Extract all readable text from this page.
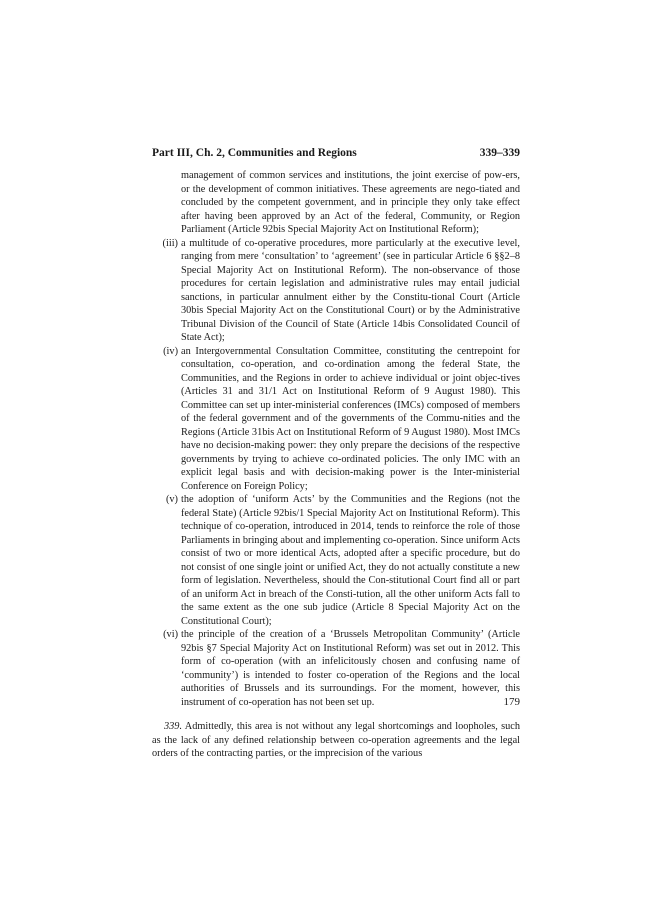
Part III, Ch. 2, Communities and Regions	339–339

management of common services and institutions, the joint exercise of pow-ers, or the development of common initiatives. These agreements are nego-tiated and concluded by the competent government, and in principle they only take effect after having been approved by an Act of the federal, Community, or Region Parliament (Article 92bis Special Majority Act on Institutional Reform);

(iii) a multitude of co-operative procedures, more particularly at the executive level, ranging from mere ‘consultation’ to ‘agreement’ (see in particular Article 6 §§2–8 Special Majority Act on Institutional Reform). The non-observance of those procedures for certain legislation and administrative rules may entail judicial sanctions, in particular annulment either by the Constitu-tional Court (Article 30bis Special Majority Act on the Constitutional Court) or by the Administrative Tribunal Division of the Council of State (Article 14bis Consolidated Council of State Act);

(iv) an Intergovernmental Consultation Committee, constituting the centrepoint for consultation, co-operation, and co-ordination among the federal State, the Communities, and the Regions in order to achieve individual or joint objec-tives (Articles 31 and 31/1 Act on Institutional Reform of 9 August 1980). This Committee can set up inter-ministerial conferences (IMCs) composed of members of the federal government and of the governments of the Commu-nities and the Regions (Article 31bis Act on Institutional Reform of 9 August 1980). Most IMCs have no decision-making power: they only prepare the decisions of the respective governments by trying to achieve co-ordinated policies. The only IMC with an explicit legal basis and with decision-making power is the Inter-ministerial Conference on Foreign Policy;

(v) the adoption of ‘uniform Acts’ by the Communities and the Regions (not the federal State) (Article 92bis/1 Special Majority Act on Institutional Reform). This technique of co-operation, introduced in 2014, tends to reinforce the role of those Parliaments in bringing about and implementing co-operation. Since uniform Acts consist of two or more identical Acts, adopted after a specific procedure, but do not consist of one single joint or unified Act, they do not actually constitute a new form of legislation. Nevertheless, should the Con-stitutional Court find all or part of an uniform Act in breach of the Consti-tution, all the other uniform Acts fall to the same extent as the one sub judice (Article 8 Special Majority Act on the Constitutional Court);

(vi) the principle of the creation of a ‘Brussels Metropolitan Community’ (Article 92bis §7 Special Majority Act on Institutional Reform) was set out in 2012. This form of co-operation (with an infelicitously chosen and confusing name of ‘community’) is intended to foster co-operation of the Regions and the local authorities of Brussels and its surroundings. For the moment, however, this instrument of co-operation has not been set up.

339. Admittedly, this area is not without any legal shortcomings and loopholes, such as the lack of any defined relationship between co-operation agreements and the legal orders of the contracting parties, or the imprecision of the various
179
